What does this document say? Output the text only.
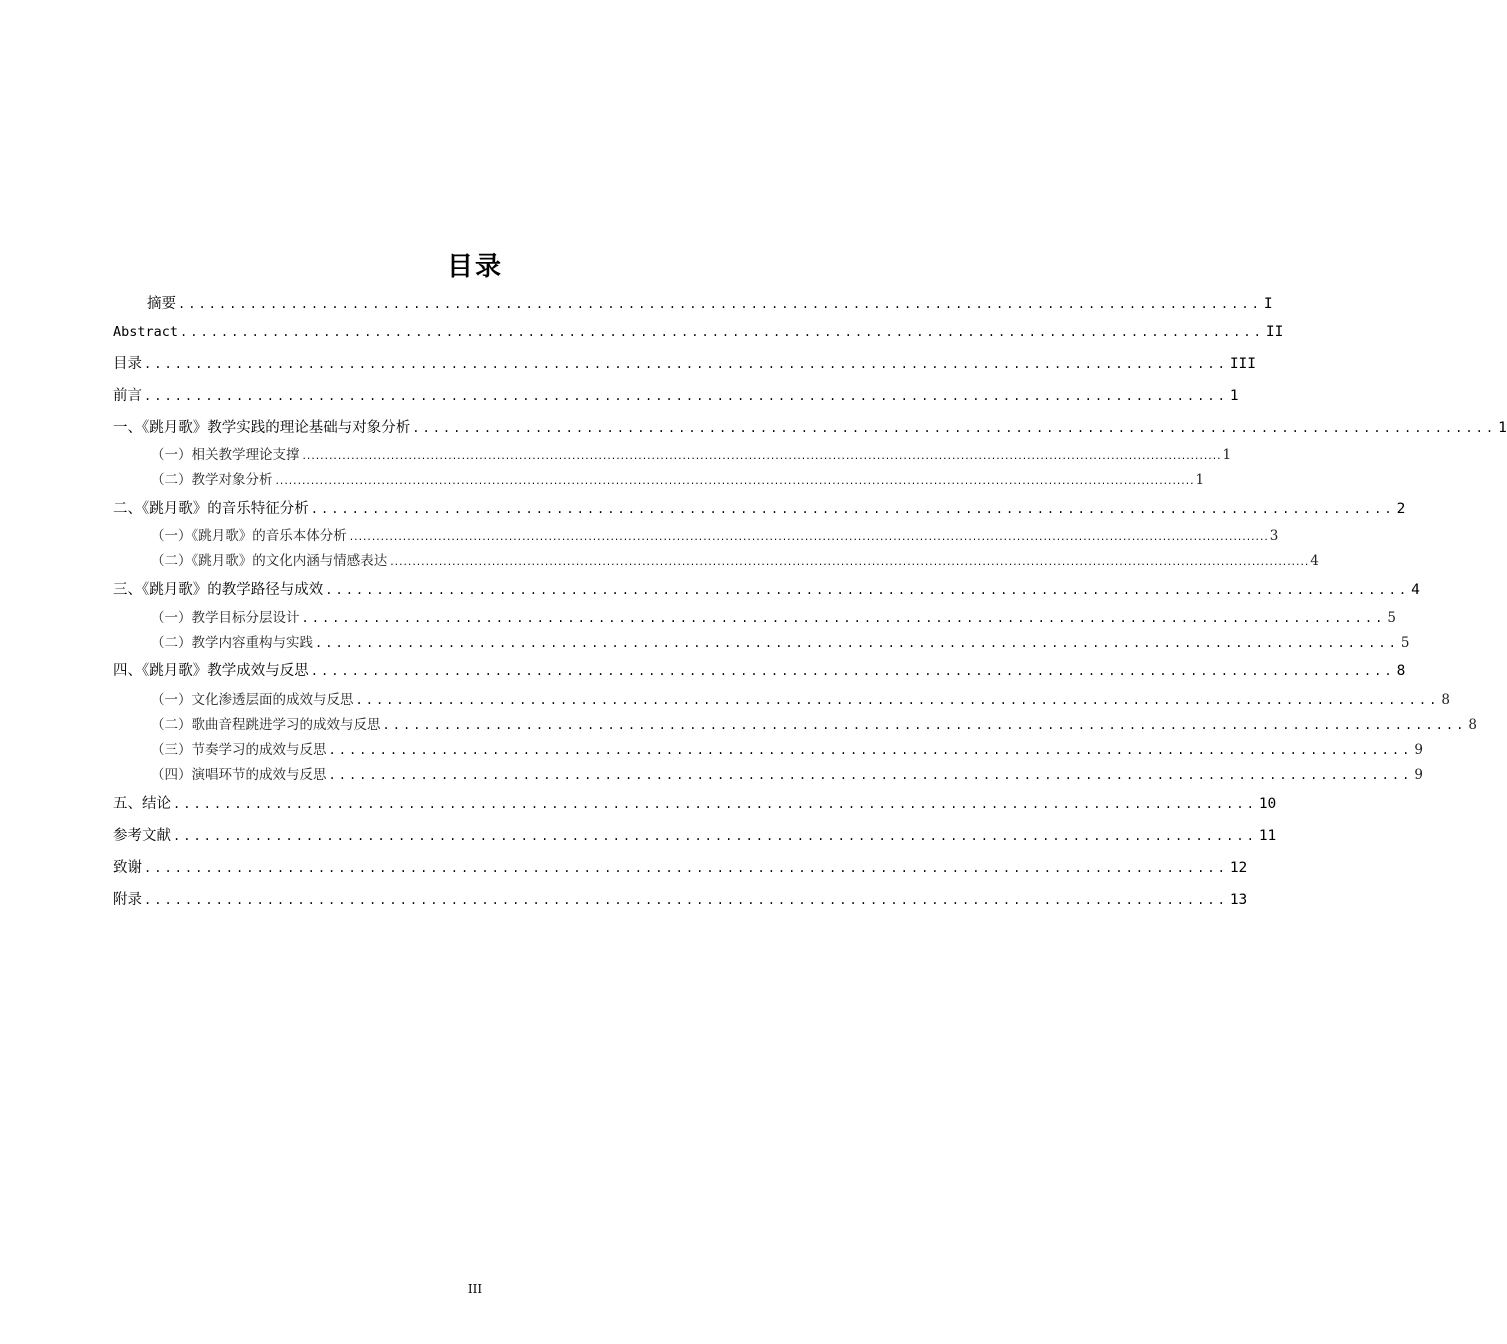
目录
摘要 .......................................................................................................... I
Abstract .......................................................................................................... II
目录 .......................................................................................................... III
前言 .......................................................................................................... 1
一、《跳月歌》教学实践的理论基础与对象分析 .......................................................................................................... 1
（一）相关教学理论支撑 ................................................................................................................................................................................................................ 1
（二）教学对象分析 ................................................................................................................................................................................................................ 1
二、《跳月歌》的音乐特征分析 .......................................................................................................... 2
（一）《跳月歌》的音乐本体分析 ................................................................................................................................................................................................................ 3
（二）《跳月歌》的文化内涵与情感表达 ................................................................................................................................................................................................................ 4
三、《跳月歌》的教学路径与成效 .......................................................................................................... 4
（一）教学目标分层设计 .......................................................................................................... 5
（二）教学内容重构与实践 .......................................................................................................... 5
四、《跳月歌》教学成效与反思 .......................................................................................................... 8
（一）文化渗透层面的成效与反思 .......................................................................................................... 8
（二）歌曲音程跳进学习的成效与反思 .......................................................................................................... 8
（三）节奏学习的成效与反思 .......................................................................................................... 9
（四）演唱环节的成效与反思 .......................................................................................................... 9
五、结论 .......................................................................................................... 10
参考文献 .......................................................................................................... 11
致谢 .......................................................................................................... 12
附录 .......................................................................................................... 13
III
